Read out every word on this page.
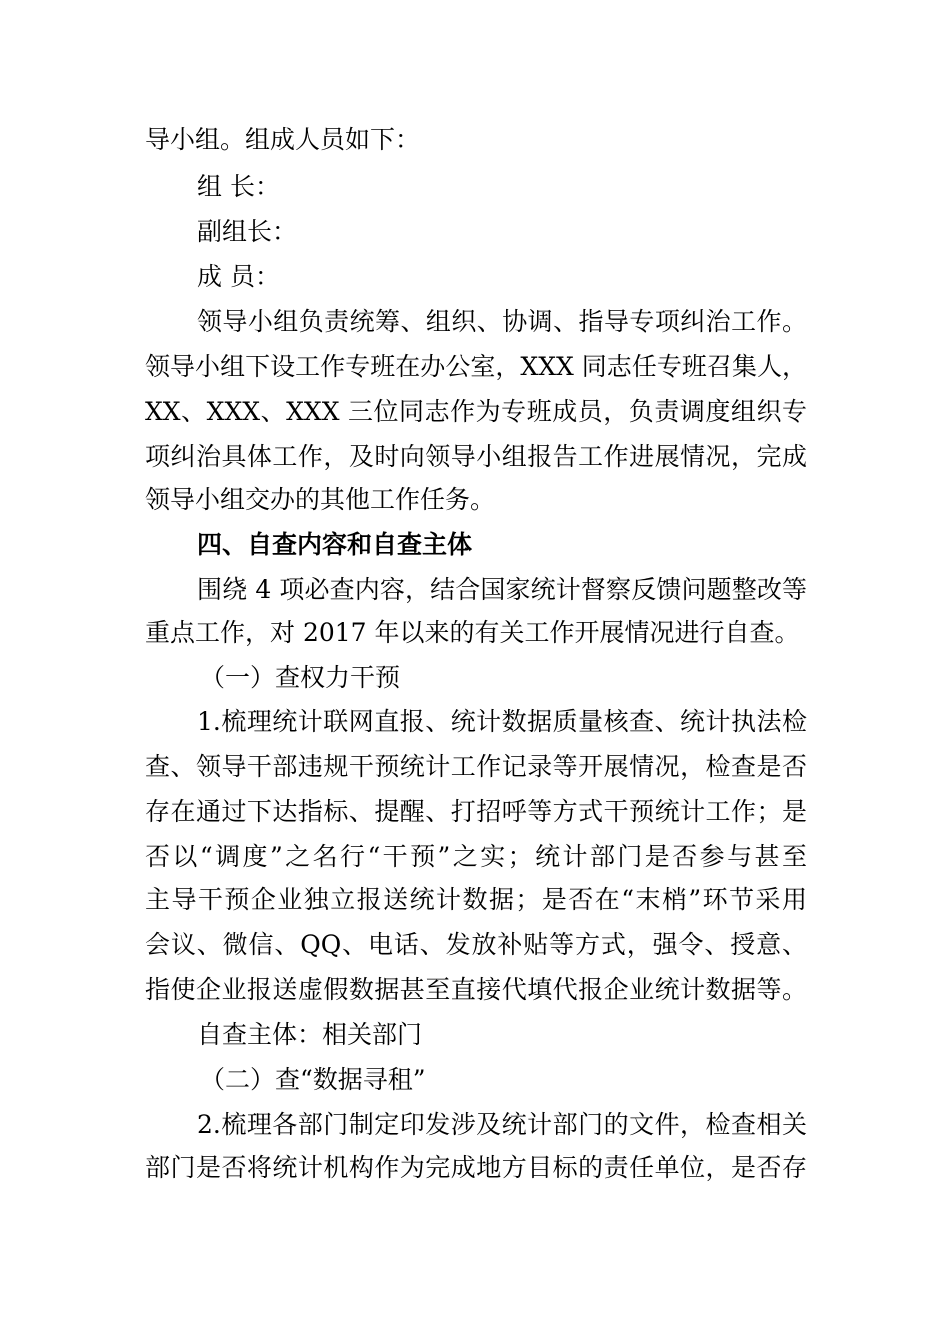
导小组。组成人员如下：
组 长：
副组长：
成 员：
领导小组负责统筹、组织、协调、指导专项纠治工作。
领导小组下设工作专班在办公室，XXX 同志任专班召集人，
XX、XXX、XXX 三位同志作为专班成员，负责调度组织专
项纠治具体工作，及时向领导小组报告工作进展情况，完成
领导小组交办的其他工作任务。
四、自查内容和自查主体
围绕 4 项必查内容，结合国家统计督察反馈问题整改等
重点工作，对 2017 年以来的有关工作开展情况进行自查。
（一）查权力干预
1.梳理统计联网直报、统计数据质量核查、统计执法检
查、领导干部违规干预统计工作记录等开展情况，检查是否
存在通过下达指标、提醒、打招呼等方式干预统计工作；是
否以“调度”之名行“干预”之实；统计部门是否参与甚至
主导干预企业独立报送统计数据；是否在“末梢”环节采用
会议、微信、QQ、电话、发放补贴等方式，强令、授意、
指使企业报送虚假数据甚至直接代填代报企业统计数据等。
自查主体：相关部门
（二）查“数据寻租”
2.梳理各部门制定印发涉及统计部门的文件，检查相关
部门是否将统计机构作为完成地方目标的责任单位，是否存
